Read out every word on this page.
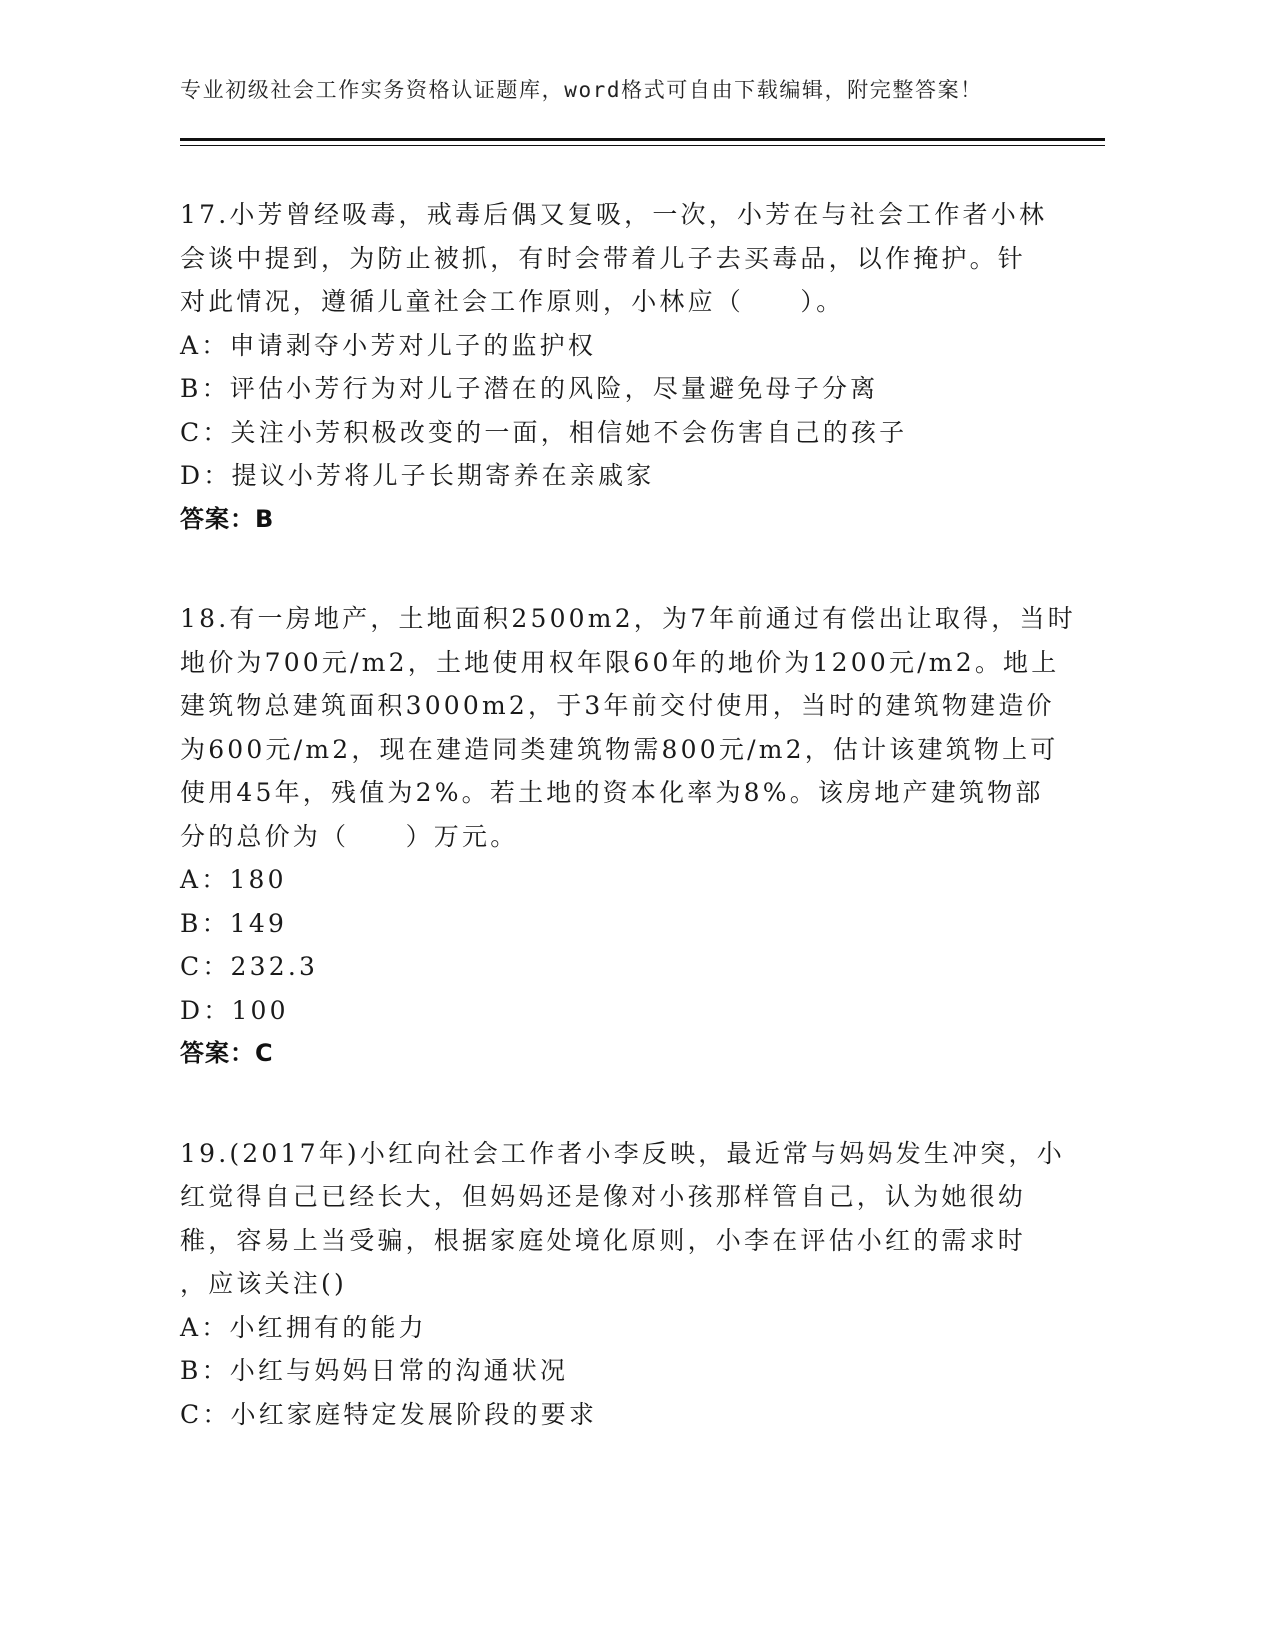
专业初级社会工作实务资格认证题库，word格式可自由下载编辑，附完整答案！
17.小芳曾经吸毒，戒毒后偶又复吸，一次，小芳在与社会工作者小林
会谈中提到，为防止被抓，有时会带着儿子去买毒品，以作掩护。针
对此情况，遵循儿童社会工作原则，小林应（　　）。
A：申请剥夺小芳对儿子的监护权
B：评估小芳行为对儿子潜在的风险，尽量避免母子分离
C：关注小芳积极改变的一面，相信她不会伤害自己的孩子
D：提议小芳将儿子长期寄养在亲戚家
答案：B
18.有一房地产，土地面积2500m2，为7年前通过有偿出让取得，当时
地价为700元/m2，土地使用权年限60年的地价为1200元/m2。地上
建筑物总建筑面积3000m2，于3年前交付使用，当时的建筑物建造价
为600元/m2，现在建造同类建筑物需800元/m2，估计该建筑物上可
使用45年，残值为2%。若土地的资本化率为8%。该房地产建筑物部
分的总价为（　　）万元。
A：180
B：149
C：232.3
D：100
答案：C
19.(2017年)小红向社会工作者小李反映，最近常与妈妈发生冲突，小
红觉得自己已经长大，但妈妈还是像对小孩那样管自己，认为她很幼
稚，容易上当受骗，根据家庭处境化原则，小李在评估小红的需求时
，应该关注()
A：小红拥有的能力
B：小红与妈妈日常的沟通状况
C：小红家庭特定发展阶段的要求
